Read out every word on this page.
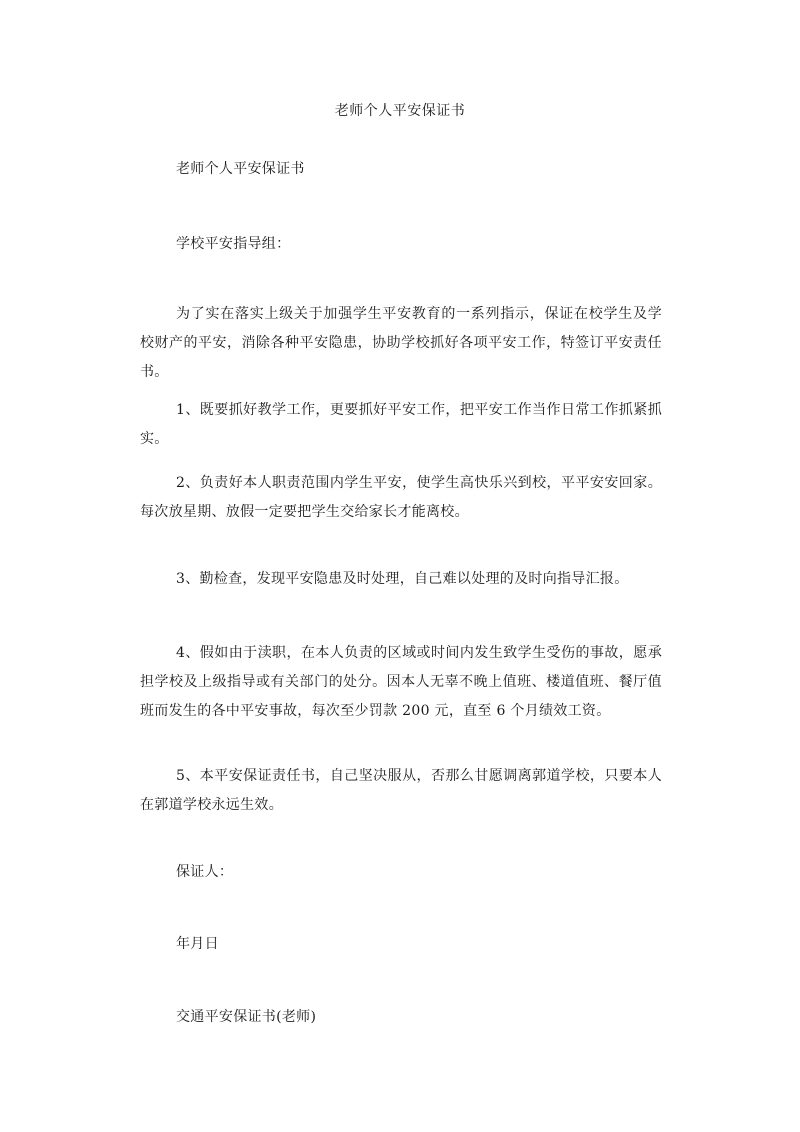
老师个人平安保证书

老师个人平安保证书

学校平安指导组：

为了实在落实上级关于加强学生平安教育的一系列指示，保证在校学生及学校财产的平安，消除各种平安隐患，协助学校抓好各项平安工作，特签订平安责任书。

1、既要抓好教学工作，更要抓好平安工作，把平安工作当作日常工作抓紧抓实。

2、负责好本人职责范围内学生平安，使学生高快乐兴到校，平平安安回家。每次放星期、放假一定要把学生交给家长才能离校。

3、勤检查，发现平安隐患及时处理，自己难以处理的及时向指导汇报。

4、假如由于渎职，在本人负责的区域或时间内发生致学生受伤的事故，愿承担学校及上级指导或有关部门的处分。因本人无辜不晚上值班、楼道值班、餐厅值班而发生的各中平安事故，每次至少罚款 200 元，直至 6 个月绩效工资。

5、本平安保证责任书，自己坚决服从，否那么甘愿调离郭道学校，只要本人在郭道学校永远生效。

保证人：

年月日

交通平安保证书(老师)
